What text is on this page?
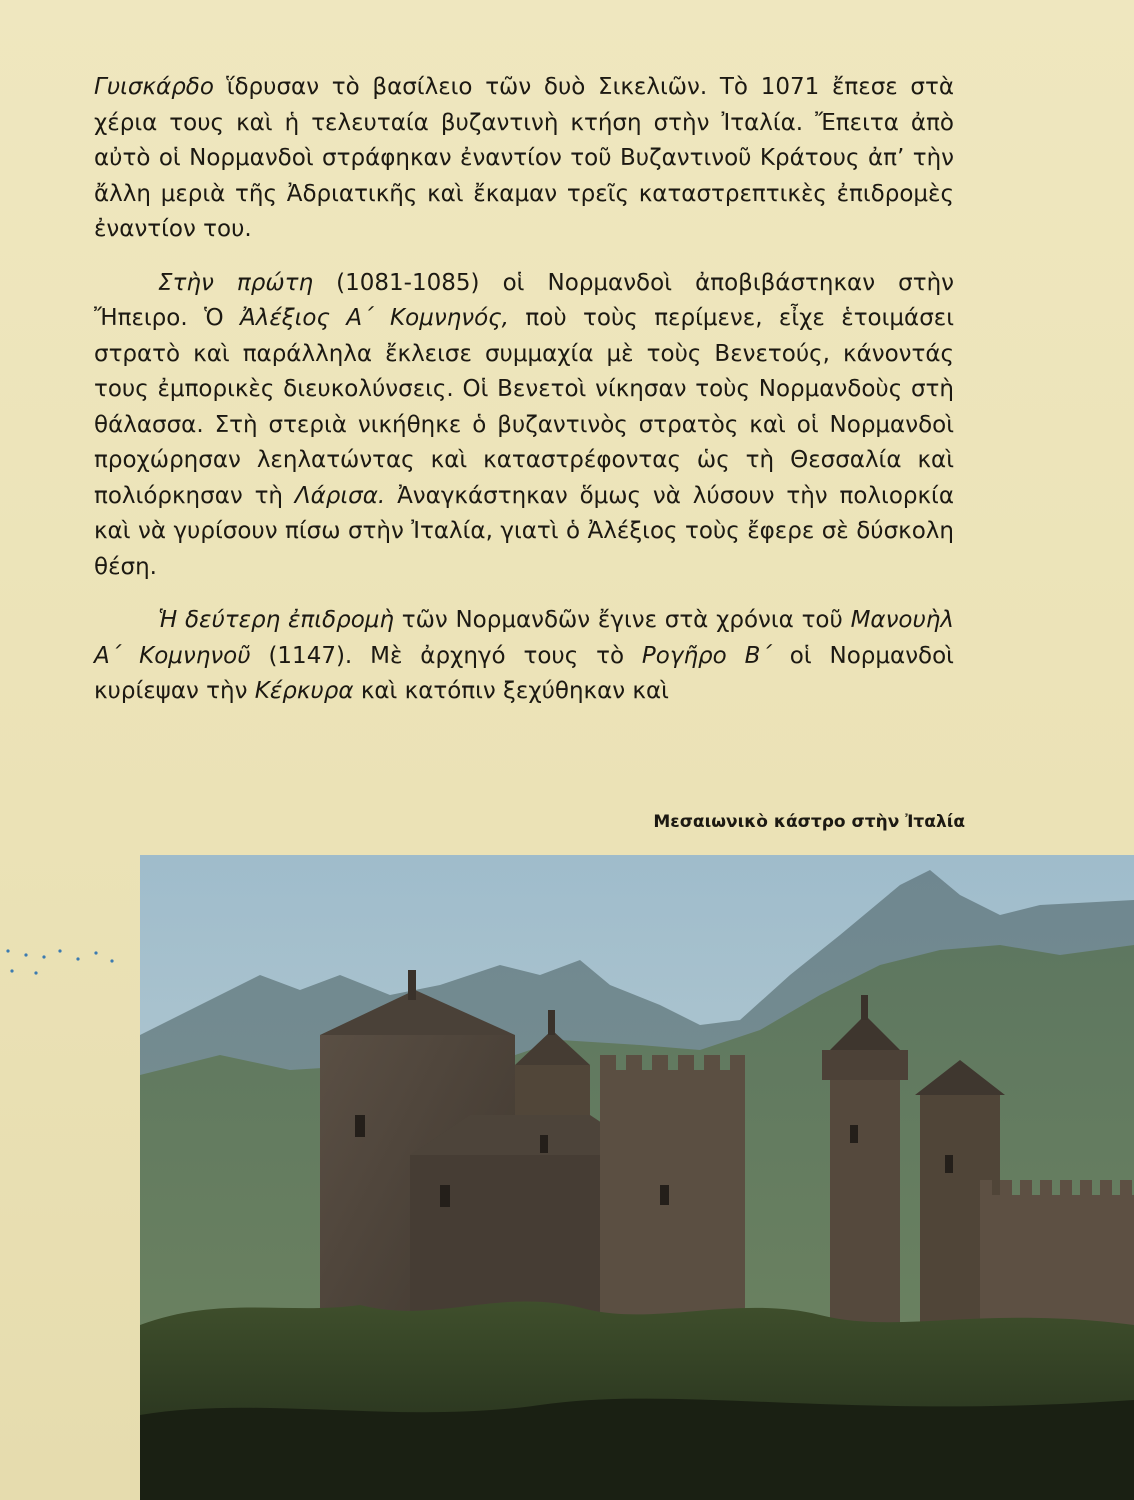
Γυισκάρδο ἵδρυσαν τὸ βασίλειο τῶν δυὸ Σικελιῶν. Τὸ 1071 ἔπεσε στὰ χέρια τους καὶ ἡ τελευταία βυζαντινὴ κτήση στὴν Ἰταλία. Ἔπειτα ἀπὸ αὐτὸ οἱ Νορμανδοὶ στράφηκαν ἐναντίον τοῦ Βυζαντινοῦ Κράτους ἀπ’ τὴν ἄλλη μεριὰ τῆς Ἀδριατικῆς καὶ ἔκαμαν τρεῖς καταστρεπτικὲς ἐπιδρομὲς ἐναντίον του.

Στὴν πρώτη (1081-1085) οἱ Νορμανδοὶ ἀποβιβάστηκαν στὴν Ἤπειρο. Ὁ Ἀλέξιος Α΄ Κομνηνός, ποὺ τοὺς περίμενε, εἶχε ἑτοιμάσει στρατὸ καὶ παράλληλα ἔκλεισε συμμαχία μὲ τοὺς Βενετούς, κάνοντάς τους ἐμπορικὲς διευκολύνσεις. Οἱ Βενετοὶ νίκησαν τοὺς Νορμανδοὺς στὴ θάλασσα. Στὴ στεριὰ νικήθηκε ὁ βυζαντινὸς στρατὸς καὶ οἱ Νορμανδοὶ προχώρησαν λεηλατώντας καὶ καταστρέφοντας ὡς τὴ Θεσσαλία καὶ πολιόρκησαν τὴ Λάρισα. Ἀναγκάστηκαν ὅμως νὰ λύσουν τὴν πολιορκία καὶ νὰ γυρίσουν πίσω στὴν Ἰταλία, γιατὶ ὁ Ἀλέξιος τοὺς ἔφερε σὲ δύσκολη θέση.

Ἡ δεύτερη ἐπιδρομὴ τῶν Νορμανδῶν ἔγινε στὰ χρόνια τοῦ Μανουὴλ Α΄ Κομνηνοῦ (1147). Μὲ ἀρχηγό τους τὸ Ρογῆρο Β΄ οἱ Νορμανδοὶ κυρίεψαν τὴν Κέρκυρα καὶ κατόπιν ξεχύθηκαν καὶ

Μεσαιωνικὸ κάστρο στὴν Ἰταλία
